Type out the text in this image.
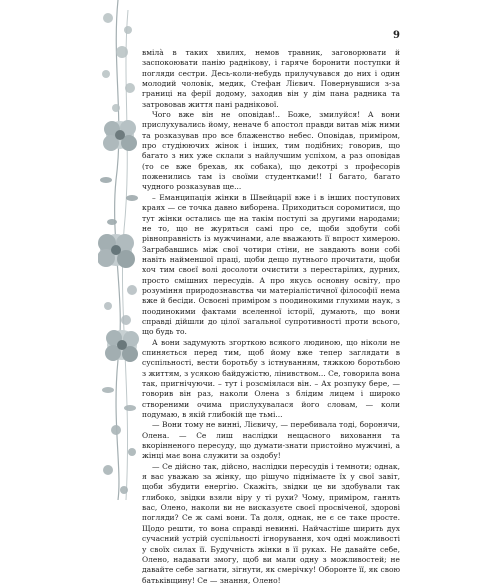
9

вмілà в таких хвилях, немов травник, заговорювати й заспокоювати панію раднікову, і гаряче боронити поступки й погляди сестри. Десь-коли-небудь прилучувався до них і один молодий чоловік, медик, Стефан Лієвич. Повернувшися з-за границі на ферії додому, заходив він у дім пана радника та затрововав життя пані раднікової.

Чого вже він не оповідав!.. Боже, змилуйся! А вони прислухувались йому, неначе б апостол правди витав між ними та розказував про все блаженство небес. Оповідав, приміром, про студіюючих жінок і інших, тим подібних; говорив, що багато з них уже склали з найлучшим успіхом, а раз оповідав (то се вже брехав, як собака), що декотрі з професорів поженились там із своїми студентками!! І багато, багато чудного розказував ще...

– Еманципація жінки в Швейцарії вже і в інших поступових краях — се точка давно виборена. Приходиться соромитися, що тут жінки остались ще на такім поступі за другими народами; не то, що не журяться самі про се, щоби здобути собі рівноправність із мужчинами, але вважають її впрост химерою. Заграбавшись між свої чотири стіни, не завдають вони собі навіть найменшої праці, щоби дещо путнього прочитати, щоби хоч тим своєї волі досолоти очистити з перестарілих, дурних, просто смішних пересудів. А про якусь основну освіту, про розуміння природознавства чи матеріалістичної філософії нема вже й бесіди. Освоєні приміром з поодинокими глухими наук, з поодинокими фактами вселенної історії, думають, що вони справді дійшли до цілої загальної супротивності проти всього, що будь то.

А вони задумують згорткою всякого людиною, що ніколи не спиняється перед тим, щоб йому вже тепер заглядати в суспільності, вести боротьбу з істнуванням, тяжкою боротьбою з життям, з усякою байдужістю, лінивством... Се, говорила вона так, пригнічуючи. – тут і розсміялася він. – Ах розпуку бере, — говорив він раз, наколи Олена з блідим лицем і широко створеними очима прислухувалася його словам, — коли подумаю, в якій глибокій ще тьмі...

— Вони тому не винні, Лієвичу, — перебивала тоді, боронячи, Олена. — Се лиш наслідки нещасного виховання та вкорінненого пересуду, що думати-знати пристойно мужчині, а жінці має вона служити за оздобу!

— Се дійсно так, дійсно, наслідки пересудів і темноти; однак, я вас уважаю за жінку, що рішучо піднімаєте їх у свої завіт, щоби збудити енергію. Скажіть, звідки це ви здобували так глибоко, звідки взяли віру у ті рухи? Чому, приміром, ганять вас, Олено, наколи ви не висказуєте своєї просвіченої, здорові погляди? Се ж самі вони. Та доля, однак, не є се таке просте. Щодо решти, то вона справді невинні. Найчастіше ширить дух сучасний устрій суспільності ігнорування, хоч одні можливості у своїх силах її. Будучність жінки в її руках. Не давайте себе, Олено, надавати змогу, щоб ви мали одну з можливостей; не давайте себе загнати, зігнути, як смерічку! Оборонте її, як свою батьківщину! Се — знання, Олено!
